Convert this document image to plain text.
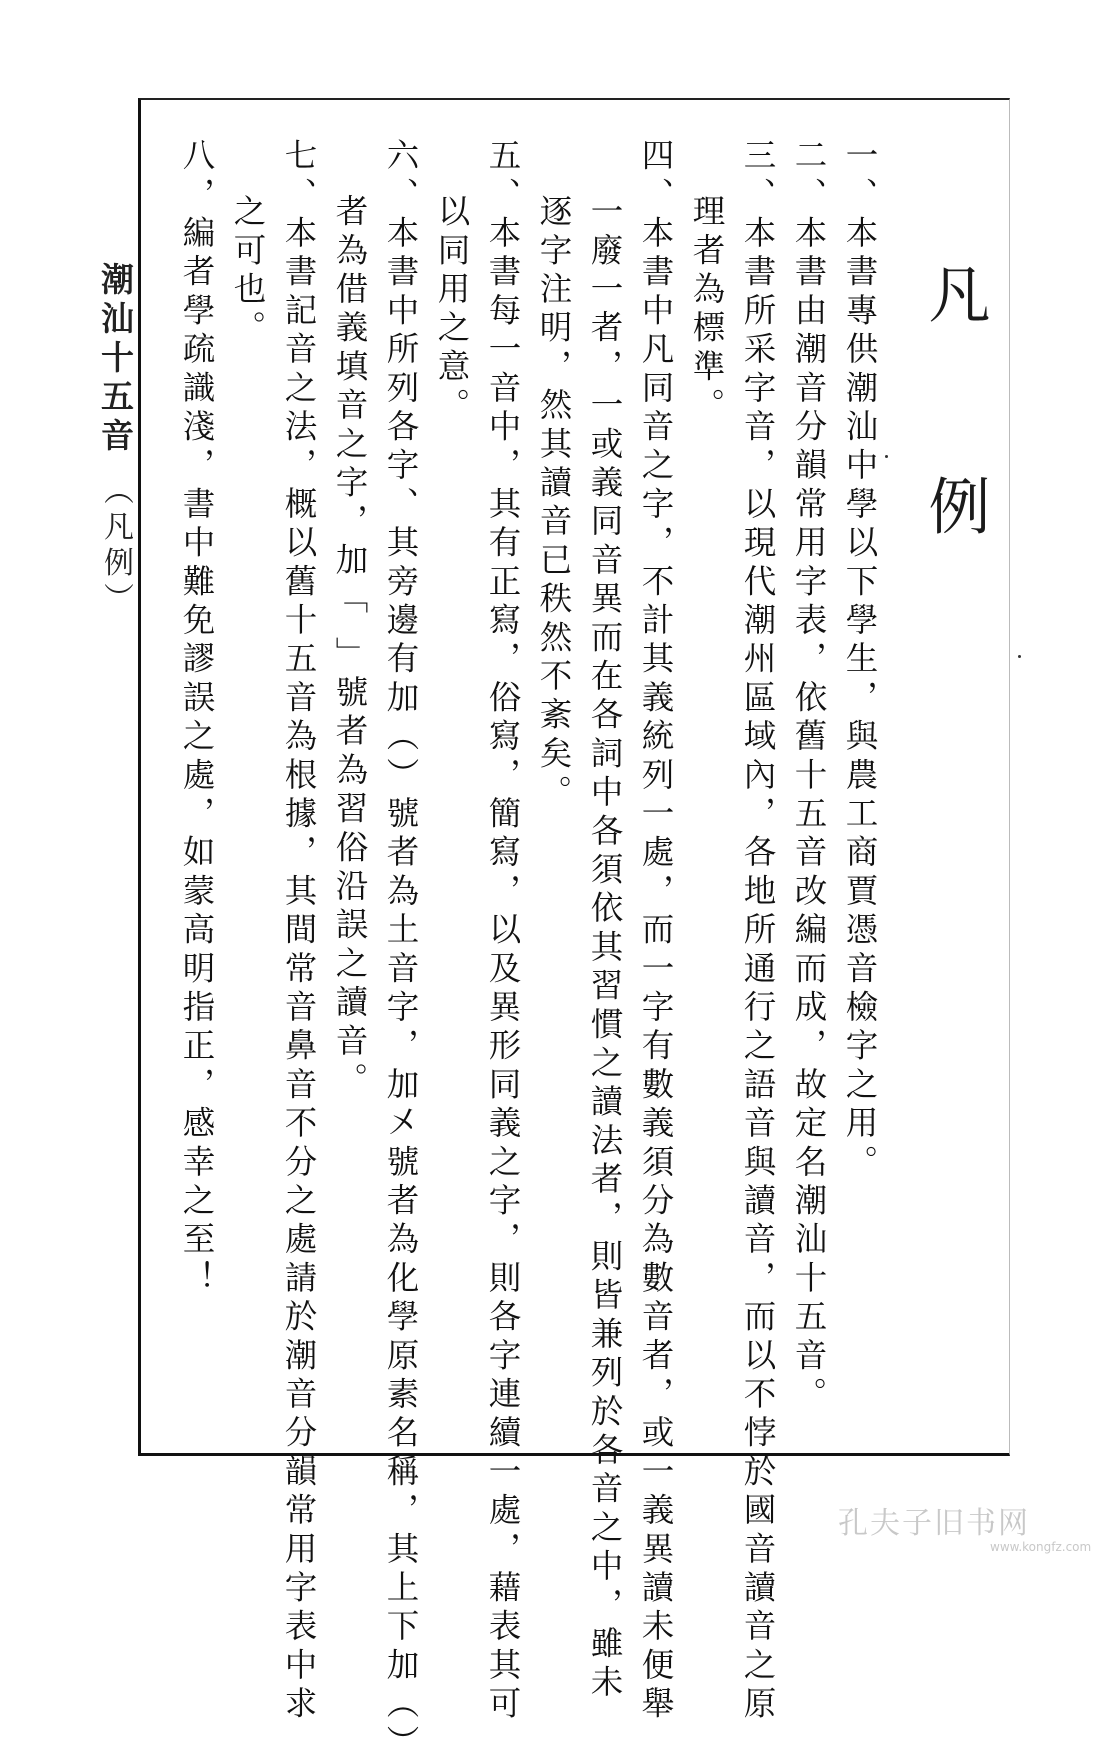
凡例
一、本書專供潮汕中學以下學生，與農工商賈憑音檢字之用。
二、本書由潮音分韻常用字表，依舊十五音改編而成，故定名潮汕十五音。
三、本書所采字音，以現代潮州區域內，各地所通行之語音與讀音，而以不悖於國音讀音之原
理者為標準。
四、本書中凡同音之字，不計其義統列一處，而一字有數義須分為數音者，或一義異讀未便舉
一廢一者，一或義同音異而在各詞中各須依其習慣之讀法者，則皆兼列於各音之中，雖未
逐字注明，然其讀音已秩然不紊矣。
五、本書每一音中，其有正寫，俗寫，簡寫，以及異形同義之字，則各字連續一處，藉表其可
以同用之意。
六、本書中所列各字、其旁邊有加（）號者為土音字，加㐅號者為化學原素名稱，其上下加︵︶
者為借義填音之字，加「 」號者為習俗沿誤之讀音。
七、本書記音之法，概以舊十五音為根據，其間常音鼻音不分之處請於潮音分韻常用字表中求
之可也。
八，編者學疏識淺，書中難免謬誤之處，如蒙高明指正，感幸之至！
潮汕十五音 （凡例）
孔夫子旧书网
www.kongfz.com
